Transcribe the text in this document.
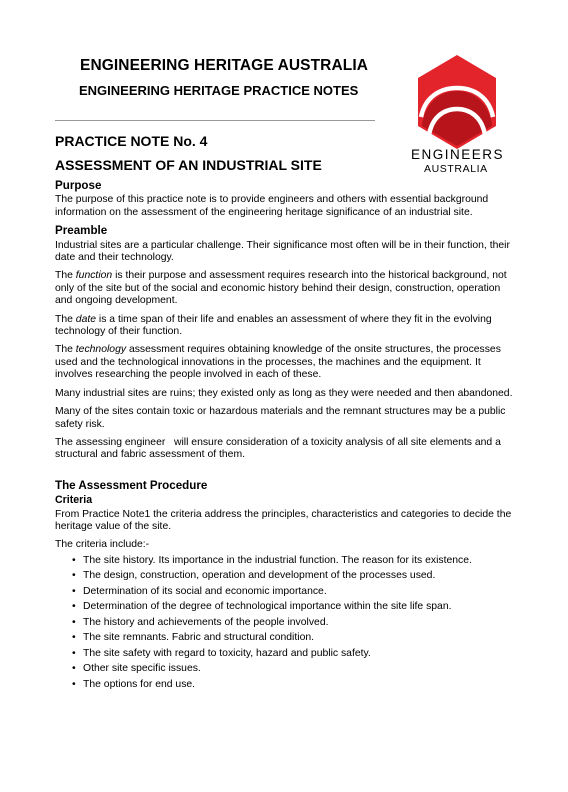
ENGINEERING HERITAGE AUSTRALIA
ENGINEERING HERITAGE PRACTICE NOTES
ENGINEERS
AUSTRALIA
PRACTICE NOTE No. 4
ASSESSMENT OF AN INDUSTRIAL SITE
Purpose

The purpose of this practice note is to provide engineers and others with essential background information on the assessment of the engineering heritage significance of an industrial site.

Preamble

Industrial sites are a particular challenge. Their significance most often will be in their function, their date and their technology.

The function is their purpose and assessment requires research into the historical background, not only of the site but of the social and economic history behind their design, construction, operation and ongoing development.

The date is a time span of their life and enables an assessment of where they fit in the evolving technology of their function.

The technology assessment requires obtaining knowledge of the onsite structures, the processes used and the technological innovations in the processes, the machines and the equipment. It involves researching the people involved in each of these.

Many industrial sites are ruins; they existed only as long as they were needed and then abandoned.

Many of the sites contain toxic or hazardous materials and the remnant structures may be a public safety risk.

The assessing engineer   will ensure consideration of a toxicity analysis of all site elements and a structural and fabric assessment of them.

The Assessment Procedure
Criteria

From Practice Note1 the criteria address the principles, characteristics and categories to decide the heritage value of the site.

The criteria include:-

• The site history. Its importance in the industrial function. The reason for its existence.
• The design, construction, operation and development of the processes used.
• Determination of its social and economic importance.
• Determination of the degree of technological importance within the site life span.
• The history and achievements of the people involved.
• The site remnants. Fabric and structural condition.
• The site safety with regard to toxicity, hazard and public safety.
• Other site specific issues.
• The options for end use.
